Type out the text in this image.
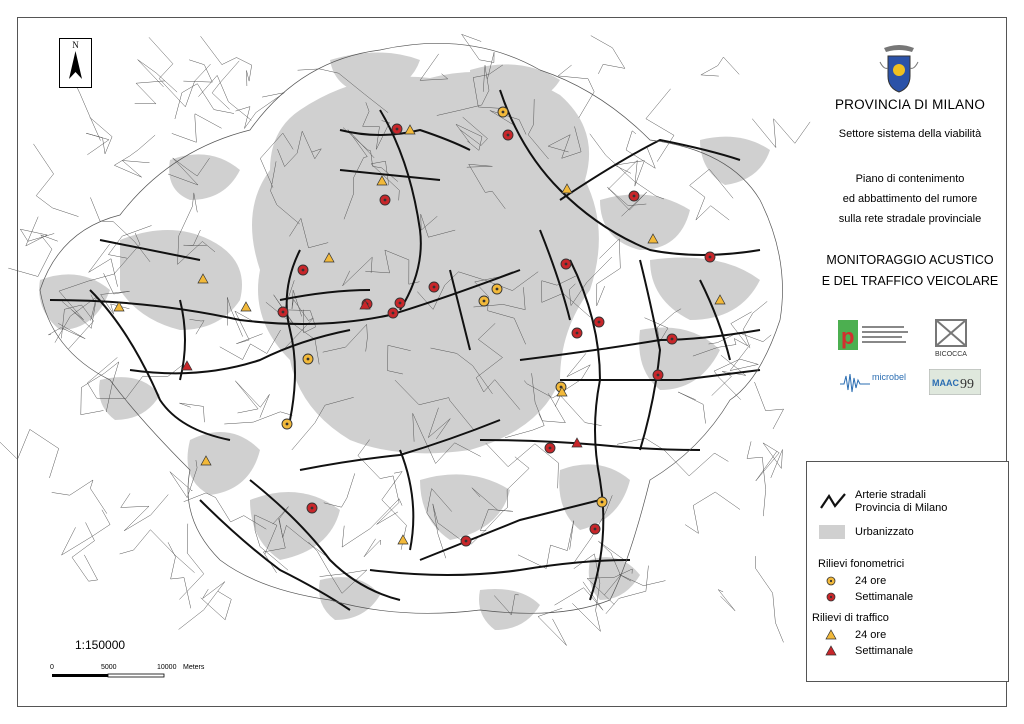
N
PROVINCIA DI MILANO
Settore sistema della viabilità
Piano di contenimento
ed abbattimento del rumore
sulla rete stradale provinciale
MONITORAGGIO ACUSTICO
E DEL TRAFFICO VEICOLARE
p
BICOCCA
microbel
MAAC 99
Arterie stradali
Provincia di Milano
Urbanizzato
Rilievi fonometrici
24 ore
Settimanale
Rilievi di traffico
24 ore
Settimanale
1:150000
0	5000	10000 Meters
